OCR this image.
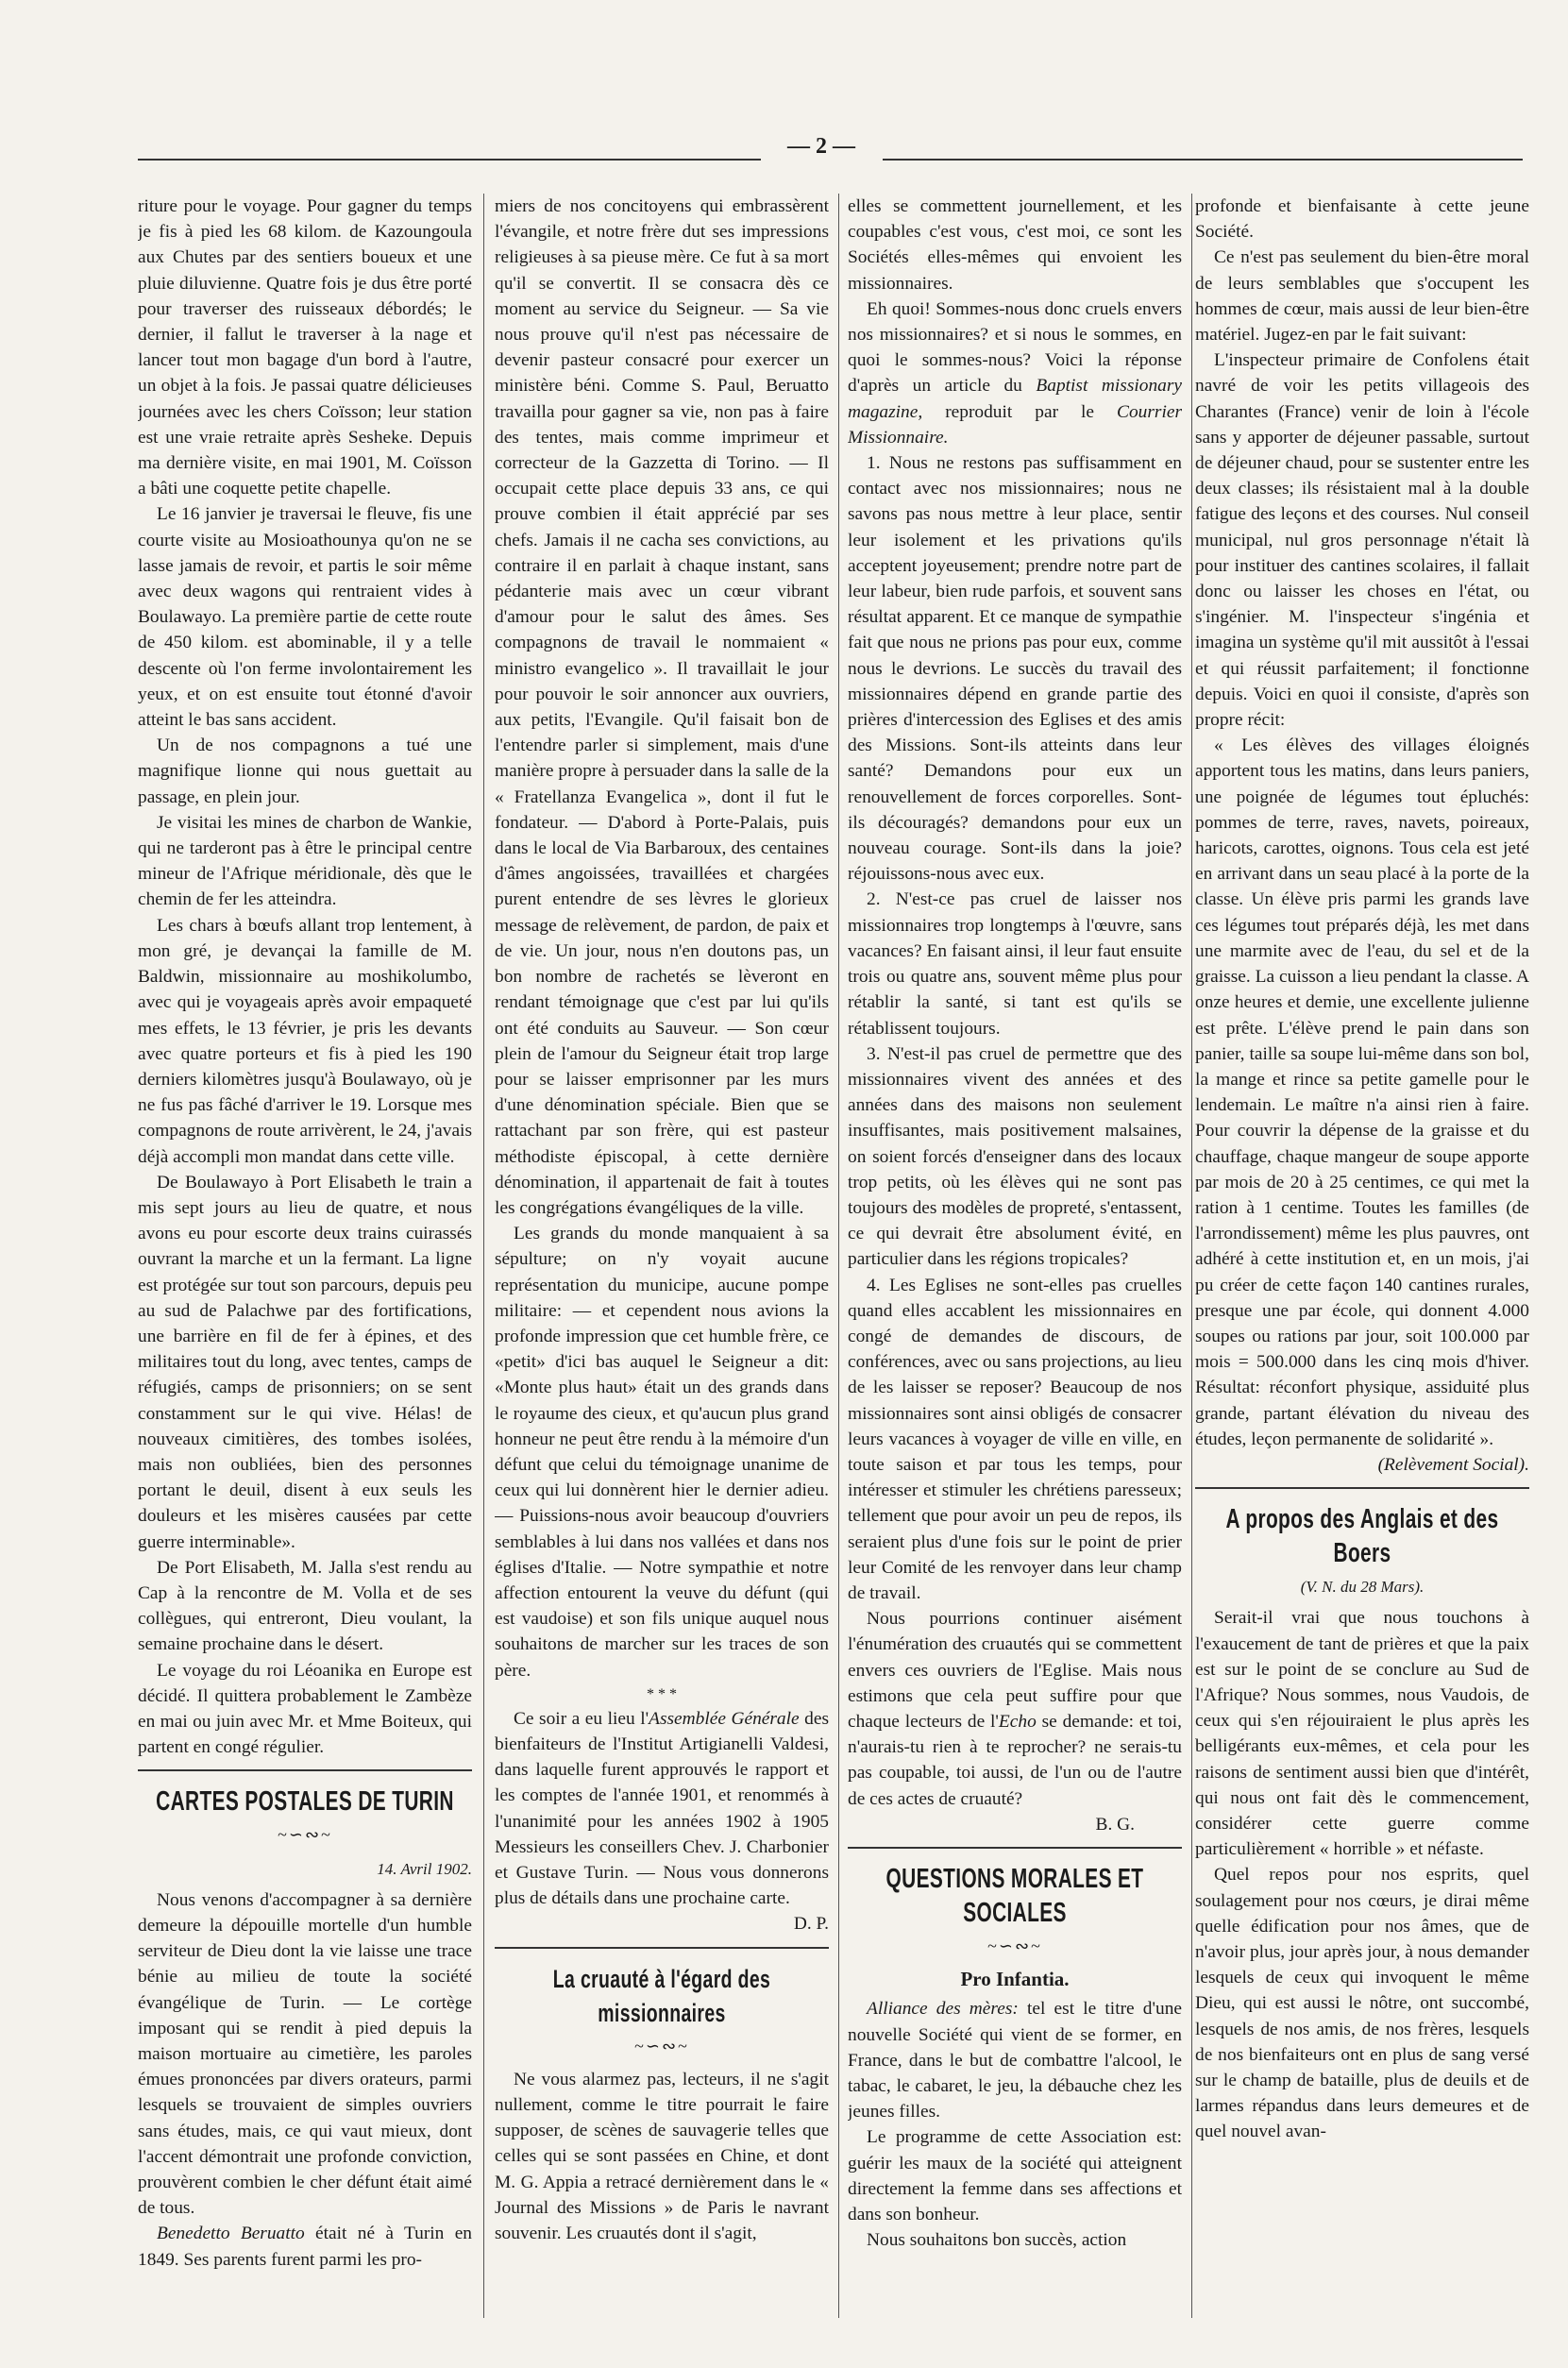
— 2 —

riture pour le voyage. Pour gagner du temps je fis à pied les 68 kilom. de Kazoungoula aux Chutes par des sentiers boueux et une pluie diluvienne. Quatre fois je dus être porté pour traverser des ruisseaux débordés; le dernier, il fallut le traverser à la nage et lancer tout mon bagage d'un bord à l'autre, un objet à la fois. Je passai quatre délicieuses journées avec les chers Coïsson; leur station est une vraie retraite après Sesheke. Depuis ma dernière visite, en mai 1901, M. Coïsson a bâti une coquette petite chapelle.

Le 16 janvier je traversai le fleuve, fis une courte visite au Mosioathounya qu'on ne se lasse jamais de revoir, et partis le soir même avec deux wagons qui rentraient vides à Boulawayo. La première partie de cette route de 450 kilom. est abominable, il y a telle descente où l'on ferme involontairement les yeux, et on est ensuite tout étonné d'avoir atteint le bas sans accident.

Un de nos compagnons a tué une magnifique lionne qui nous guettait au passage, en plein jour.

Je visitai les mines de charbon de Wankie, qui ne tarderont pas à être le principal centre mineur de l'Afrique méridionale, dès que le chemin de fer les atteindra.

Les chars à bœufs allant trop lentement, à mon gré, je devançai la famille de M. Baldwin, missionnaire au moshikolumbo, avec qui je voyageais après avoir empaqueté mes effets, le 13 février, je pris les devants avec quatre porteurs et fis à pied les 190 derniers kilomètres jusqu'à Boulawayo, où je ne fus pas fâché d'arriver le 19. Lorsque mes compagnons de route arrivèrent, le 24, j'avais déjà accompli mon mandat dans cette ville.

De Boulawayo à Port Elisabeth le train a mis sept jours au lieu de quatre, et nous avons eu pour escorte deux trains cuirassés ouvrant la marche et un la fermant. La ligne est protégée sur tout son parcours, depuis peu au sud de Palachwe par des fortifications, une barrière en fil de fer à épines, et des militaires tout du long, avec tentes, camps de réfugiés, camps de prisonniers; on se sent constamment sur le qui vive. Hélas! de nouveaux cimitières, des tombes isolées, mais non oubliées, bien des personnes portant le deuil, disent à eux seuls les douleurs et les misères causées par cette guerre interminable».

De Port Elisabeth, M. Jalla s'est rendu au Cap à la rencontre de M. Volla et de ses collègues, qui entreront, Dieu voulant, la semaine prochaine dans le désert.

Le voyage du roi Léoanika en Europe est décidé. Il quittera probablement le Zambèze en mai ou juin avec Mr. et Mme Boiteux, qui partent en congé régulier.

CARTES POSTALES DE TURIN
~∽∾~
14. Avril 1902.

Nous venons d'accompagner à sa dernière demeure la dépouille mortelle d'un humble serviteur de Dieu dont la vie laisse une trace bénie au milieu de toute la société évangélique de Turin. — Le cortège imposant qui se rendit à pied depuis la maison mortuaire au cimetière, les paroles émues prononcées par divers orateurs, parmi lesquels se trouvaient de simples ouvriers sans études, mais, ce qui vaut mieux, dont l'accent démontrait une profonde conviction, prouvèrent combien le cher défunt était aimé de tous.

Benedetto Beruatto était né à Turin en 1849. Ses parents furent parmi les pro-

miers de nos concitoyens qui embrassèrent l'évangile, et notre frère dut ses impressions religieuses à sa pieuse mère. Ce fut à sa mort qu'il se convertit. Il se consacra dès ce moment au service du Seigneur. — Sa vie nous prouve qu'il n'est pas nécessaire de devenir pasteur consacré pour exercer un ministère béni. Comme S. Paul, Beruatto travailla pour gagner sa vie, non pas à faire des tentes, mais comme imprimeur et correcteur de la Gazzetta di Torino. — Il occupait cette place depuis 33 ans, ce qui prouve combien il était apprécié par ses chefs. Jamais il ne cacha ses convictions, au contraire il en parlait à chaque instant, sans pédanterie mais avec un cœur vibrant d'amour pour le salut des âmes. Ses compagnons de travail le nommaient « ministro evangelico ». Il travaillait le jour pour pouvoir le soir annoncer aux ouvriers, aux petits, l'Evangile. Qu'il faisait bon de l'entendre parler si simplement, mais d'une manière propre à persuader dans la salle de la « Fratellanza Evangelica », dont il fut le fondateur. — D'abord à Porte-Palais, puis dans le local de Via Barbaroux, des centaines d'âmes angoissées, travaillées et chargées purent entendre de ses lèvres le glorieux message de relèvement, de pardon, de paix et de vie. Un jour, nous n'en doutons pas, un bon nombre de rachetés se lèveront en rendant témoignage que c'est par lui qu'ils ont été conduits au Sauveur. — Son cœur plein de l'amour du Seigneur était trop large pour se laisser emprisonner par les murs d'une dénomination spéciale. Bien que se rattachant par son frère, qui est pasteur méthodiste épiscopal, à cette dernière dénomination, il appartenait de fait à toutes les congrégations évangéliques de la ville.

Les grands du monde manquaient à sa sépulture; on n'y voyait aucune représentation du municipe, aucune pompe militaire: — et cependent nous avions la profonde impression que cet humble frère, ce «petit» d'ici bas auquel le Seigneur a dit: «Monte plus haut» était un des grands dans le royaume des cieux, et qu'aucun plus grand honneur ne peut être rendu à la mémoire d'un défunt que celui du témoignage unanime de ceux qui lui donnèrent hier le dernier adieu. — Puissions-nous avoir beaucoup d'ouvriers semblables à lui dans nos vallées et dans nos églises d'Italie. — Notre sympathie et notre affection entourent la veuve du défunt (qui est vaudoise) et son fils unique auquel nous souhaitons de marcher sur les traces de son père.

* * *

Ce soir a eu lieu l'Assemblée Générale des bienfaiteurs de l'Institut Artigianelli Valdesi, dans laquelle furent approuvés le rapport et les comptes de l'année 1901, et renommés à l'unanimité pour les années 1902 à 1905 Messieurs les conseillers Chev. J. Charbonier et Gustave Turin. — Nous vous donnerons plus de détails dans une prochaine carte.

D. P.

La cruauté à l'égard des missionnaires
~∽∾~

Ne vous alarmez pas, lecteurs, il ne s'agit nullement, comme le titre pourrait le faire supposer, de scènes de sauvagerie telles que celles qui se sont passées en Chine, et dont M. G. Appia a retracé dernièrement dans le « Journal des Missions » de Paris le navrant souvenir. Les cruautés dont il s'agit,

elles se commettent journellement, et les coupables c'est vous, c'est moi, ce sont les Sociétés elles-mêmes qui envoient les missionnaires.

Eh quoi! Sommes-nous donc cruels envers nos missionnaires? et si nous le sommes, en quoi le sommes-nous? Voici la réponse d'après un article du Baptist missionary magazine, reproduit par le Courrier Missionnaire.

1. Nous ne restons pas suffisamment en contact avec nos missionnaires; nous ne savons pas nous mettre à leur place, sentir leur isolement et les privations qu'ils acceptent joyeusement; prendre notre part de leur labeur, bien rude parfois, et souvent sans résultat apparent. Et ce manque de sympathie fait que nous ne prions pas pour eux, comme nous le devrions. Le succès du travail des missionnaires dépend en grande partie des prières d'intercession des Eglises et des amis des Missions. Sont-ils atteints dans leur santé? Demandons pour eux un renouvellement de forces corporelles. Sont-ils découragés? demandons pour eux un nouveau courage. Sont-ils dans la joie? réjouissons-nous avec eux.

2. N'est-ce pas cruel de laisser nos missionnaires trop longtemps à l'œuvre, sans vacances? En faisant ainsi, il leur faut ensuite trois ou quatre ans, souvent même plus pour rétablir la santé, si tant est qu'ils se rétablissent toujours.

3. N'est-il pas cruel de permettre que des missionnaires vivent des années et des années dans des maisons non seulement insuffisantes, mais positivement malsaines, on soient forcés d'enseigner dans des locaux trop petits, où les élèves qui ne sont pas toujours des modèles de propreté, s'entassent, ce qui devrait être absolument évité, en particulier dans les régions tropicales?

4. Les Eglises ne sont-elles pas cruelles quand elles accablent les missionnaires en congé de demandes de discours, de conférences, avec ou sans projections, au lieu de les laisser se reposer? Beaucoup de nos missionnaires sont ainsi obligés de consacrer leurs vacances à voyager de ville en ville, en toute saison et par tous les temps, pour intéresser et stimuler les chrétiens paresseux; tellement que pour avoir un peu de repos, ils seraient plus d'une fois sur le point de prier leur Comité de les renvoyer dans leur champ de travail.

Nous pourrions continuer aisément l'énumération des cruautés qui se commettent envers ces ouvriers de l'Eglise. Mais nous estimons que cela peut suffire pour que chaque lecteurs de l'Echo se demande: et toi, n'aurais-tu rien à te reprocher? ne serais-tu pas coupable, toi aussi, de l'un ou de l'autre de ces actes de cruauté?

B. G.

QUESTIONS MORALES ET SOCIALES
~∽∾~
Pro Infantia.

Alliance des mères: tel est le titre d'une nouvelle Société qui vient de se former, en France, dans le but de combattre l'alcool, le tabac, le cabaret, le jeu, la débauche chez les jeunes filles.

Le programme de cette Association est: guérir les maux de la société qui atteignent directement la femme dans ses affections et dans son bonheur.

Nous souhaitons bon succès, action

profonde et bienfaisante à cette jeune Société.

Ce n'est pas seulement du bien-être moral de leurs semblables que s'occupent les hommes de cœur, mais aussi de leur bien-être matériel. Jugez-en par le fait suivant:

L'inspecteur primaire de Confolens était navré de voir les petits villageois des Charantes (France) venir de loin à l'école sans y apporter de déjeuner passable, surtout de déjeuner chaud, pour se sustenter entre les deux classes; ils résistaient mal à la double fatigue des leçons et des courses. Nul conseil municipal, nul gros personnage n'était là pour instituer des cantines scolaires, il fallait donc ou laisser les choses en l'état, ou s'ingénier. M. l'inspecteur s'ingénia et imagina un système qu'il mit aussitôt à l'essai et qui réussit parfaitement; il fonctionne depuis. Voici en quoi il consiste, d'après son propre récit:

« Les élèves des villages éloignés apportent tous les matins, dans leurs paniers, une poignée de légumes tout épluchés: pommes de terre, raves, navets, poireaux, haricots, carottes, oignons. Tous cela est jeté en arrivant dans un seau placé à la porte de la classe. Un élève pris parmi les grands lave ces légumes tout préparés déjà, les met dans une marmite avec de l'eau, du sel et de la graisse. La cuisson a lieu pendant la classe. A onze heures et demie, une excellente julienne est prête. L'élève prend le pain dans son panier, taille sa soupe lui-même dans son bol, la mange et rince sa petite gamelle pour le lendemain. Le maître n'a ainsi rien à faire. Pour couvrir la dépense de la graisse et du chauffage, chaque mangeur de soupe apporte par mois de 20 à 25 centimes, ce qui met la ration à 1 centime. Toutes les familles (de l'arrondissement) même les plus pauvres, ont adhéré à cette institution et, en un mois, j'ai pu créer de cette façon 140 cantines rurales, presque une par école, qui donnent 4.000 soupes ou rations par jour, soit 100.000 par mois = 500.000 dans les cinq mois d'hiver. Résultat: réconfort physique, assiduité plus grande, partant élévation du niveau des études, leçon permanente de solidarité ».

(Relèvement Social).

A propos des Anglais et des Boers
(V. N. du 28 Mars).

Serait-il vrai que nous touchons à l'exaucement de tant de prières et que la paix est sur le point de se conclure au Sud de l'Afrique? Nous sommes, nous Vaudois, de ceux qui s'en réjouiraient le plus après les belligérants eux-mêmes, et cela pour les raisons de sentiment aussi bien que d'intérêt, qui nous ont fait dès le commencement, considérer cette guerre comme particulièrement « horrible » et néfaste.

Quel repos pour nos esprits, quel soulagement pour nos cœurs, je dirai même quelle édification pour nos âmes, que de n'avoir plus, jour après jour, à nous demander lesquels de ceux qui invoquent le même Dieu, qui est aussi le nôtre, ont succombé, lesquels de nos amis, de nos frères, lesquels de nos bienfaiteurs ont en plus de sang versé sur le champ de bataille, plus de deuils et de larmes répandus dans leurs demeures et de quel nouvel avan-
